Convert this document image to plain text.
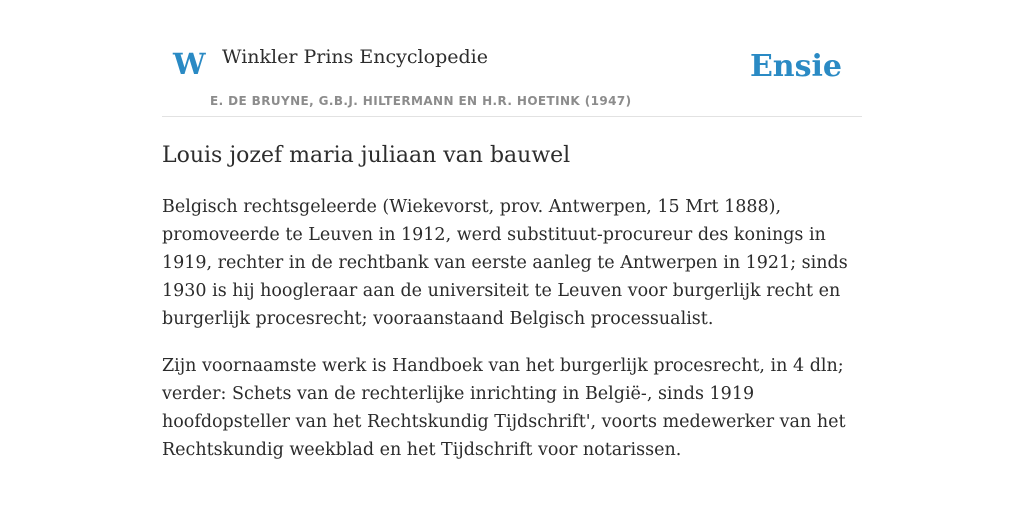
W Winkler Prins Encyclopedie
E. DE BRUYNE, G.B.J. HILTERMANN EN H.R. HOETINK (1947)
Ensie
Louis jozef maria juliaan van bauwel

Belgisch rechtsgeleerde (Wiekevorst, prov. Antwerpen, 15 Mrt 1888), promoveerde te Leuven in 1912, werd substituut-procureur des konings in 1919, rechter in de rechtbank van eerste aanleg te Antwerpen in 1921; sinds 1930 is hij hoogleraar aan de universiteit te Leuven voor burgerlijk recht en burgerlijk procesrecht; vooraanstaand Belgisch processualist.

Zijn voornaamste werk is Handboek van het burgerlijk procesrecht, in 4 dln; verder: Schets van de rechterlijke inrichting in België-, sinds 1919 hoofdopsteller van het Rechtskundig Tijdschrift', voorts medewerker van het Rechtskundig weekblad en het Tijdschrift voor notarissen.
